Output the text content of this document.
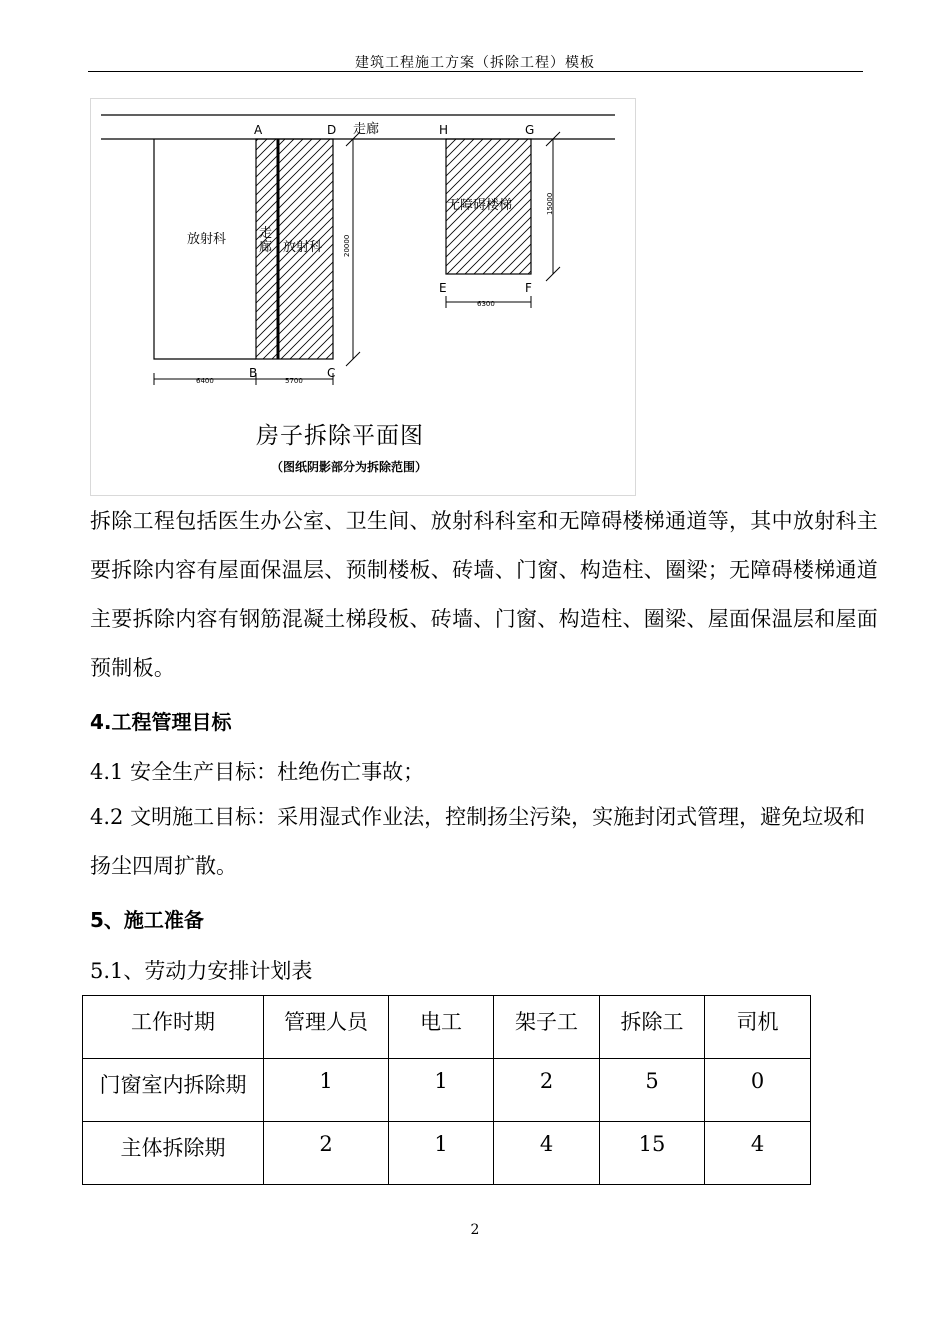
建筑工程施工方案（拆除工程）模板
A	D 走廊	H	G
B	C
E	F
放射科	走
廊 放射科
无障碍楼梯
20000
15000
6400	5700
6300
房子拆除平面图
（图纸阴影部分为拆除范围）
拆除工程包括医生办公室、卫生间、放射科科室和无障碍楼梯通道等，其中放射科主要拆除内容有屋面保温层、预制楼板、砖墙、门窗、构造柱、圈梁；无障碍楼梯通道主要拆除内容有钢筋混凝土梯段板、砖墙、门窗、构造柱、圈梁、屋面保温层和屋面预制板。
4.工程管理目标
4.1 安全生产目标：杜绝伤亡事故；
4.2 文明施工目标：采用湿式作业法，控制扬尘污染，实施封闭式管理，避免垃圾和扬尘四周扩散。
5、施工准备
5.1、劳动力安排计划表
工作时期	管理人员	电工	架子工	拆除工	司机
门窗室内拆除期	1	1	2	5	0
主体拆除期	2	1	4	15	4
2
